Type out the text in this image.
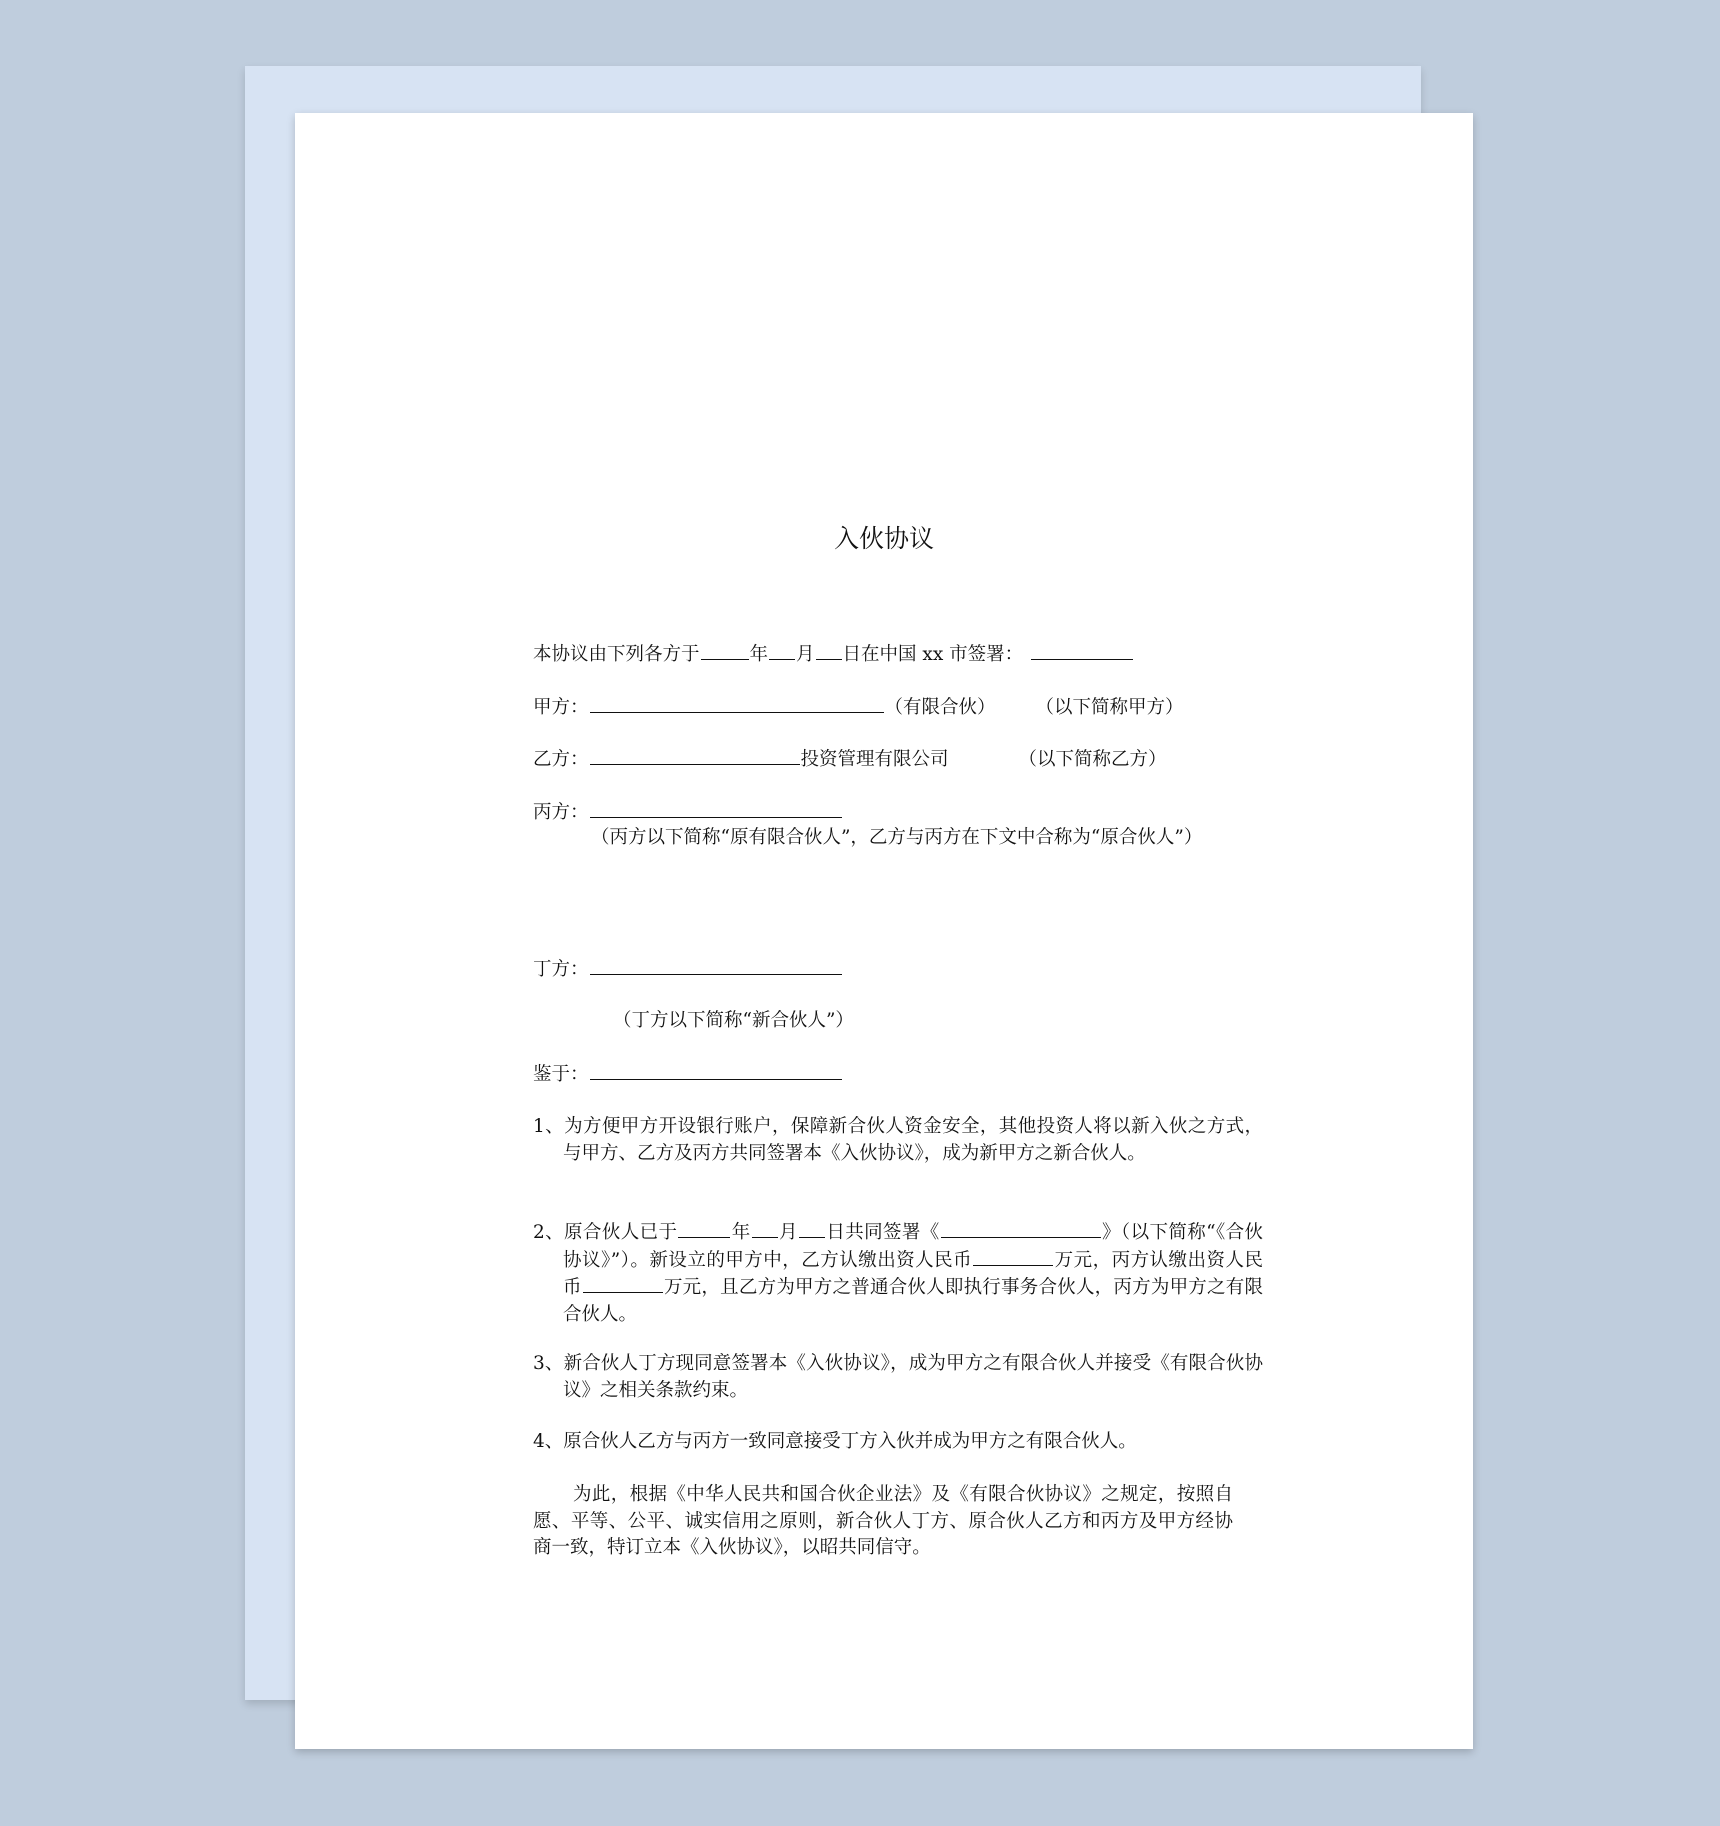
入伙协议
本协议由下列各方于	年 月 日在中国 xx 市签署：
甲方：	（有限合伙） （以下简称甲方）
乙方：	投资管理有限公司	（以下简称乙方）
丙方：
（丙方以下简称“原有限合伙人”，乙方与丙方在下文中合称为“原合伙人”）
丁方：
（丁方以下简称“新合伙人”）
鉴于：
1、为方便甲方开设银行账户，保障新合伙人资金安全，其他投资人将以新入伙之方式，与甲方、乙方及丙方共同签署本《入伙协议》，成为新甲方之新合伙人。
2、原合伙人已于	年 月 日共同签署《	》（以下简称“《合伙协议》”）。新设立的甲方中，乙方认缴出资人民币	万元，丙方认缴出资人民币	万元，且乙方为甲方之普通合伙人即执行事务合伙人，丙方为甲方之有限合伙人。
3、新合伙人丁方现同意签署本《入伙协议》，成为甲方之有限合伙人并接受《有限合伙协议》之相关条款约束。
4、原合伙人乙方与丙方一致同意接受丁方入伙并成为甲方之有限合伙人。
为此，根据《中华人民共和国合伙企业法》及《有限合伙协议》之规定，按照自愿、平等、公平、诚实信用之原则，新合伙人丁方、原合伙人乙方和丙方及甲方经协商一致，特订立本《入伙协议》，以昭共同信守。
